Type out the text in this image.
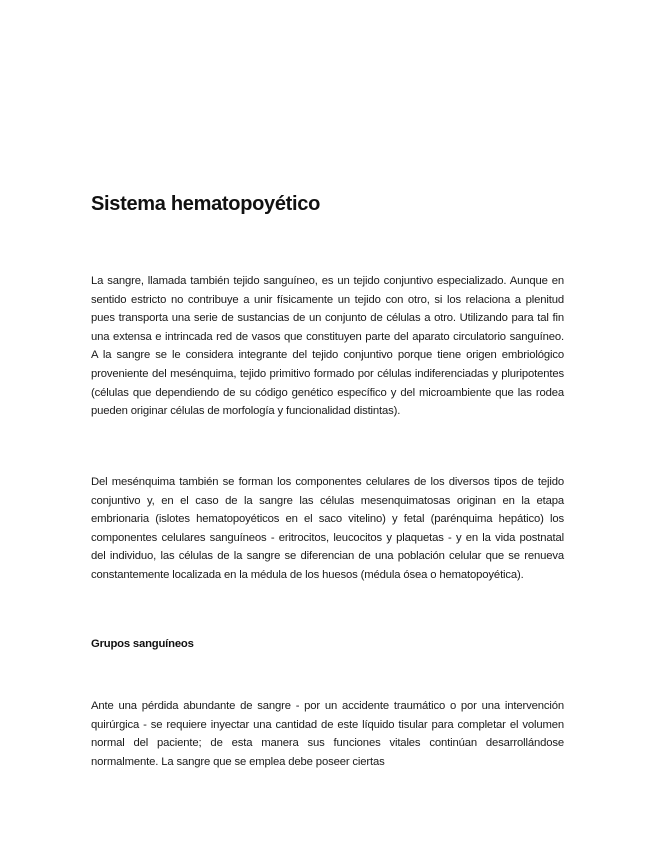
Sistema hematopoyético

La sangre, llamada también tejido sanguíneo, es un tejido conjuntivo especializado. Aunque en sentido estricto no contribuye a unir físicamente un tejido con otro, si los relaciona a plenitud pues transporta una serie de sustancias de un conjunto de células a otro. Utilizando para tal fin una extensa e intrincada red de vasos que constituyen parte del aparato circulatorio sanguíneo. A la sangre se le considera integrante del tejido conjuntivo porque tiene origen embriológico proveniente del mesénquima, tejido primitivo formado por células indiferenciadas y pluripotentes (células que dependiendo de su código genético específico y del microambiente que las rodea pueden originar células de morfología y funcionalidad distintas).

Del mesénquima también se forman los componentes celulares de los diversos tipos de tejido conjuntivo y, en el caso de la sangre las células mesenquimatosas originan en la etapa embrionaria (islotes hematopoyéticos en el saco vitelino) y fetal (parénquima hepático) los componentes celulares sanguíneos - eritrocitos, leucocitos y plaquetas - y en la vida postnatal del individuo, las células de la sangre se diferencian de una población celular que se renueva constantemente localizada en la médula de los huesos (médula ósea o hematopoyética).

Grupos sanguíneos

Ante una pérdida abundante de sangre - por un accidente traumático o por una intervención quirúrgica - se requiere inyectar una cantidad de este líquido tisular para completar el volumen normal del paciente; de esta manera sus funciones vitales continúan desarrollándose normalmente. La sangre que se emplea debe poseer ciertas
